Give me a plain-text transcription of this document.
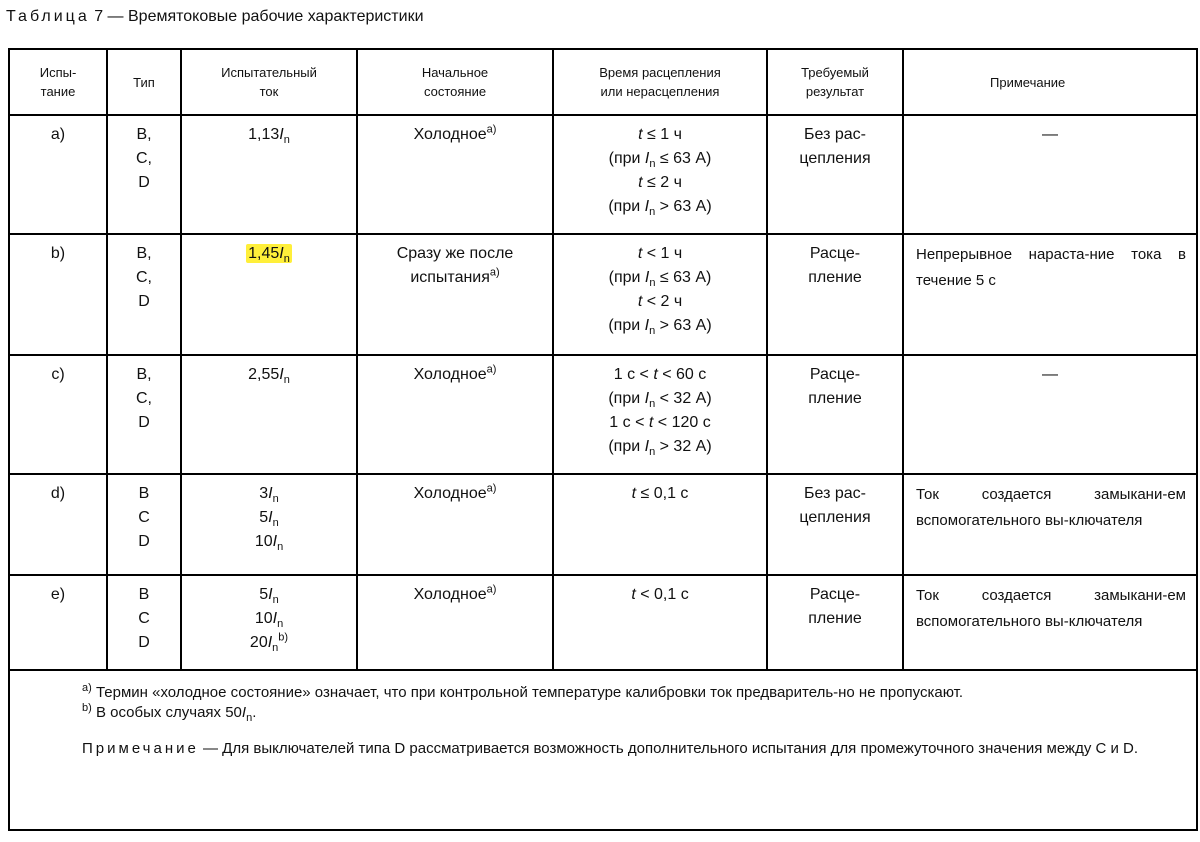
Таблица 7 — Времятоковые рабочие характеристики
Испы-
тание	Тип	Испытательный
ток	Начальное
состояние	Время расцепления
или нерасцепления	Требуемый
результат	Примечание
a)	B,
C,
D	$1,13I_n$	Холодное$^{a)}$	t ≤ 1 ч
(при $I_n \le 63$ А)
t ≤ 2 ч
(при $I_n > 63$ А)	Без рас-
цепления	—
b)	B,
C,
D	$1,45I_n$	Сразу же после испытания$^{a)}$	t < 1 ч
(при $I_n \le 63$ А)
t < 2 ч
(при $I_n > 63$ А)	Расце-
пление	Непрерывное нараста-ние тока в течение 5 с
c)	B,
C,
D	$2,55I_n$	Холодное$^{a)}$	1 с < t < 60 с
(при $I_n < 32$ А)
1 с < t < 120 с
(при $I_n > 32$ А)	Расце-
пление	—
d)	B
C
D	$3I_n$
$5I_n$
$10I_n$	Холодное$^{a)}$	t ≤ 0,1 с	Без рас-
цепления	Ток создается замыкани-ем вспомогательного вы-ключателя
e)	B
C
D	$5I_n$
$10I_n$
$20I_n^{b)}$	Холодное$^{a)}$	t < 0,1 с	Расце-
пление	Ток создается замыкани-ем вспомогательного вы-ключателя

$^{a)}$ Термин «холодное состояние» означает, что при контрольной температуре калибровки ток предваритель-но не пропускают.
$^{b)}$ В особых случаях $50I_n$.
Примечание — Для выключателей типа D рассматривается возможность дополнительного испытания для промежуточного значения между C и D.						
